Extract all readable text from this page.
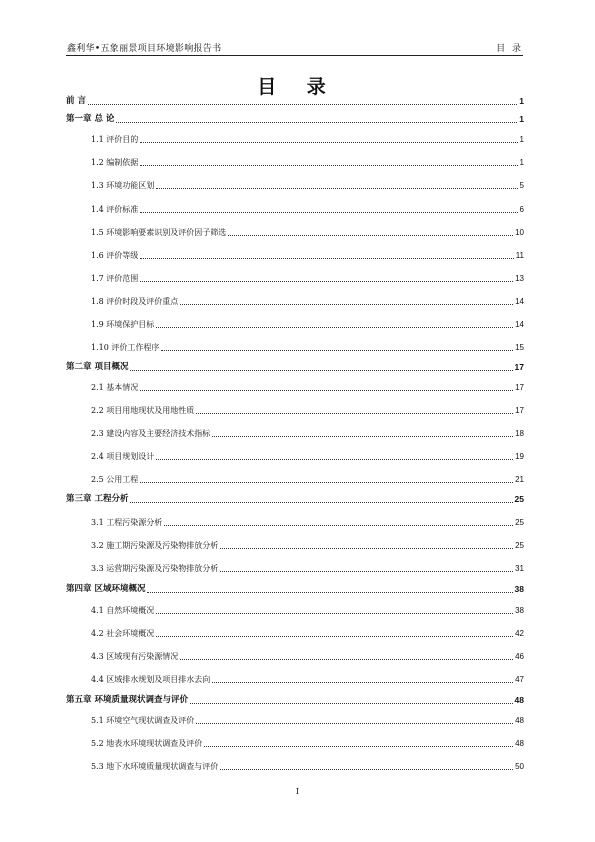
鑫利华•五象丽景项目环境影响报告书	目 录
目 录
前 言	1
第一章 总 论	1
1.1 评价目的	1
1.2 编制依据	1
1.3 环境功能区划	5
1.4 评价标准	6
1.5 环境影响要素识别及评价因子筛选	10
1.6 评价等级	11
1.7 评价范围	13
1.8 评价时段及评价重点	14
1.9 环境保护目标	14
1.10 评价工作程序	15
第二章 项目概况	17
2.1 基本情况	17
2.2 项目用地现状及用地性质	17
2.3 建设内容及主要经济技术指标	18
2.4 项目规划设计	19
2.5 公用工程	21
第三章 工程分析	25
3.1 工程污染源分析	25
3.2 施工期污染源及污染物排放分析	25
3.3 运营期污染源及污染物排放分析	31
第四章 区域环境概况	38
4.1 自然环境概况	38
4.2 社会环境概况	42
4.3 区域现有污染源情况	46
4.4 区域排水规划及项目排水去向	47
第五章 环境质量现状调查与评价	48
5.1 环境空气现状调查及评价	48
5.2 地表水环境现状调查及评价	48
5.3 地下水环境质量现状调查与评价	50
I
